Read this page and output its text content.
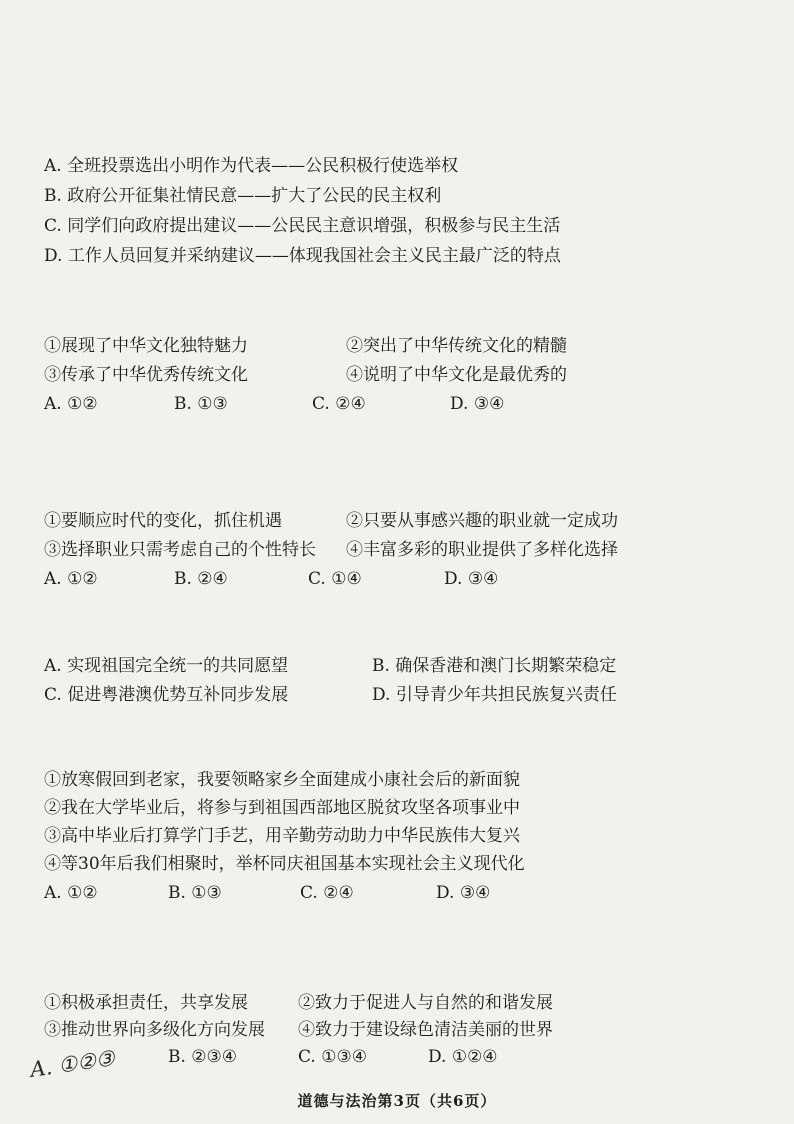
A. 全班投票选出小明作为代表——公民积极行使选举权
B. 政府公开征集社情民意——扩大了公民的民主权利
C. 同学们向政府提出建议——公民民主意识增强，积极参与民主生活
D. 工作人员回复并采纳建议——体现我国社会主义民主最广泛的特点
①展现了中华文化独特魅力	②突出了中华传统文化的精髓
③传承了中华优秀传统文化	④说明了中华文化是最优秀的
A. ①②	B. ①③	C. ②④	D. ③④
①要顺应时代的变化，抓住机遇	②只要从事感兴趣的职业就一定成功
③选择职业只需考虑自己的个性特长 ④丰富多彩的职业提供了多样化选择
A. ①②	B. ②④	C. ①④	D. ③④
A. 实现祖国完全统一的共同愿望	B. 确保香港和澳门长期繁荣稳定
C. 促进粤港澳优势互补同步发展	D. 引导青少年共担民族复兴责任
①放寒假回到老家，我要领略家乡全面建成小康社会后的新面貌
②我在大学毕业后，将参与到祖国西部地区脱贫攻坚各项事业中
③高中毕业后打算学门手艺，用辛勤劳动助力中华民族伟大复兴
④等30年后我们相聚时，举杯同庆祖国基本实现社会主义现代化
A. ①②	B. ①③	C. ②④	D. ③④
①积极承担责任，共享发展	②致力于促进人与自然的和谐发展
③推动世界向多级化方向发展 ④致力于建设绿色清洁美丽的世界
A. ①②③	B. ②③④	C. ①③④	D. ①②④
道德与法治第3页（共6页）
